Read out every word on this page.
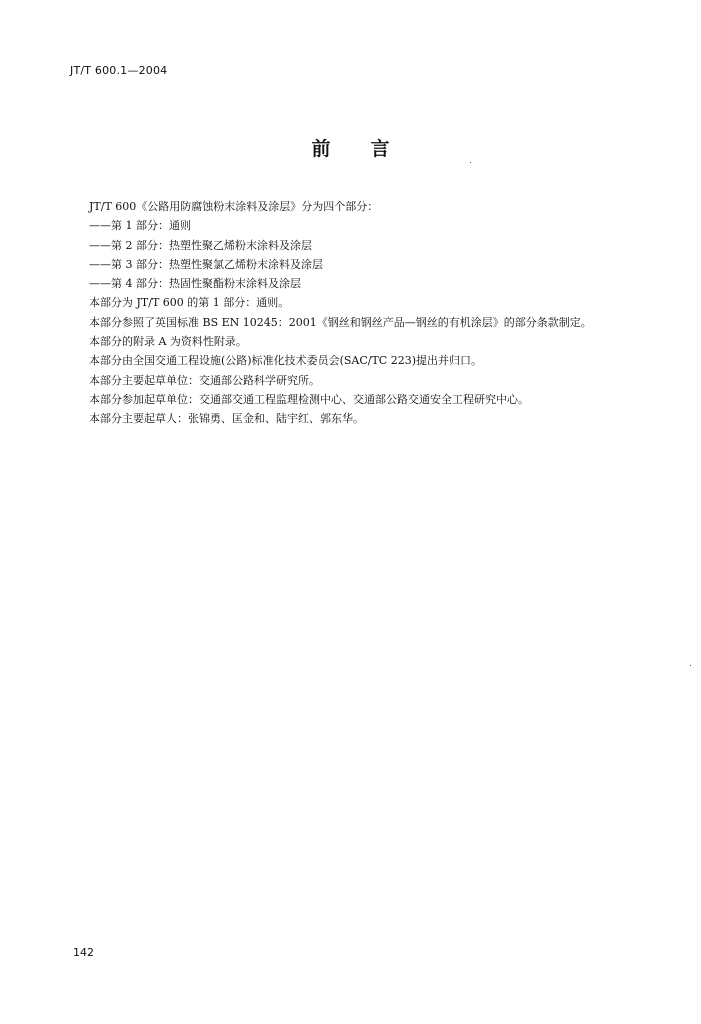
JT/T 600.1—2004
前 言
JT/T 600《公路用防腐蚀粉末涂料及涂层》分为四个部分：
——第 1 部分：通则
——第 2 部分：热塑性聚乙烯粉末涂料及涂层
——第 3 部分：热塑性聚氯乙烯粉末涂料及涂层
——第 4 部分：热固性聚酯粉末涂料及涂层
本部分为 JT/T 600 的第 1 部分：通则。
本部分参照了英国标准 BS EN 10245：2001《钢丝和钢丝产品—钢丝的有机涂层》的部分条款制定。
本部分的附录 A 为资料性附录。
本部分由全国交通工程设施(公路)标准化技术委员会(SAC/TC 223)提出并归口。
本部分主要起草单位：交通部公路科学研究所。
本部分参加起草单位：交通部交通工程监理检测中心、交通部公路交通安全工程研究中心。
本部分主要起草人：张锦勇、匡金和、陆宇红、郭东华。
142
